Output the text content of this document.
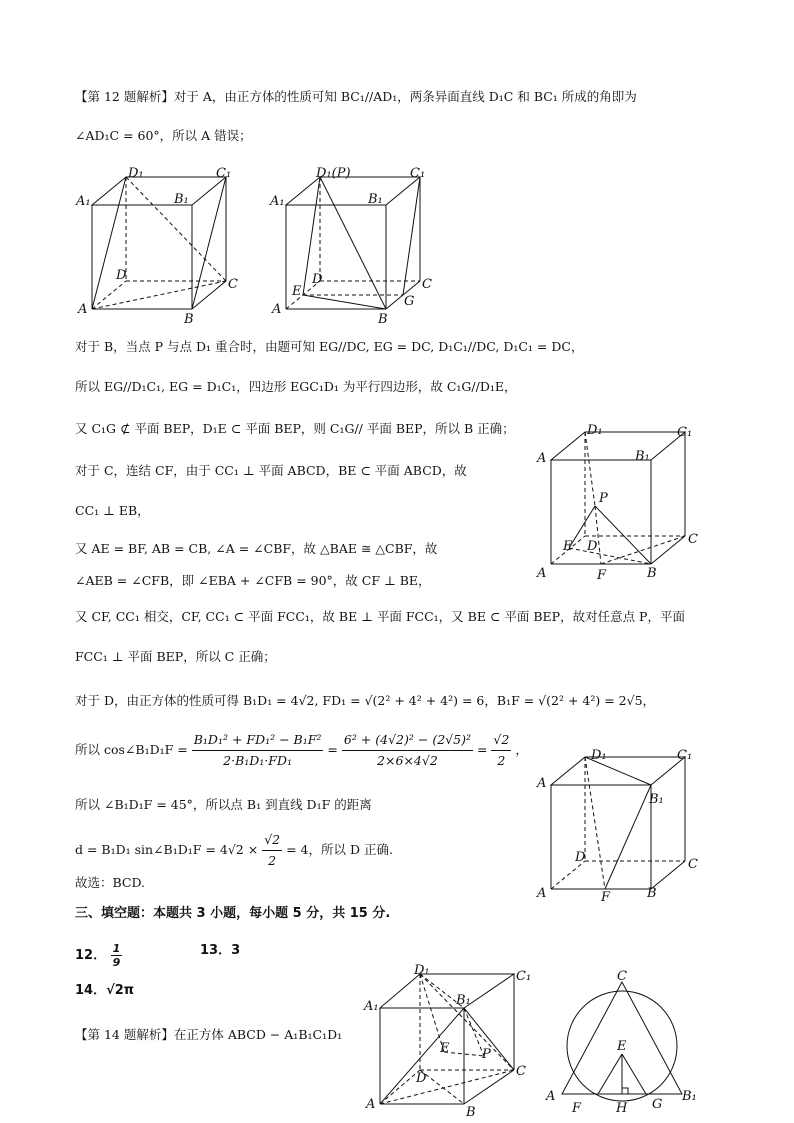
【第 12 题解析】对于 A，由正方体的性质可知 BC₁//AD₁，两条异面直线 D₁C 和 BC₁ 所成的角即为
∠AD₁C = 60°，所以 A 错误；
A₁
D₁	C₁
B₁
D
C
A
B
A₁
D₁(P)	C₁
B₁
D
E	C
G
A
B
对于 B，当点 P 与点 D₁ 重合时，由题可知 EG//DC, EG = DC, D₁C₁//DC, D₁C₁ = DC，
所以 EG//D₁C₁, EG = D₁C₁，四边形 EGC₁D₁ 为平行四边形，故 C₁G//D₁E，
又 C₁G ⊄ 平面 BEP，D₁E ⊂ 平面 BEP，则 C₁G// 平面 BEP，所以 B 正确；
对于 C，连结 CF，由于 CC₁ ⊥ 平面 ABCD，BE ⊂ 平面 ABCD，故
CC₁ ⊥ EB，
又 AE = BF, AB = CB, ∠A = ∠CBF，故 △BAE ≅ △CBF，故
∠AEB = ∠CFB，即 ∠EBA + ∠CFB = 90°，故 CF ⊥ BE，
A
D₁	C₁
B₁
P
E D	C
A	F	B
又 CF, CC₁ 相交，CF, CC₁ ⊂ 平面 FCC₁，故 BE ⊥ 平面 FCC₁，又 BE ⊂ 平面 BEP，故对任意点 P，平面
FCC₁ ⊥ 平面 BEP，所以 C 正确；
对于 D，由正方体的性质可得 B₁D₁ = 4√2, FD₁ = √(2² + 4² + 4²) = 6，B₁F = √(2² + 4²) = 2√5，
所以 cos∠B₁D₁F = $\frac{\text{B₁D₁² + FD₁² − B₁F²}}{\text{2·B₁D₁·FD₁}} = \frac{\text{6² + (4√2)² − (2√5)²}}{2\times 6\times 4√2} = \frac{√2}{2}$ ，
所以 ∠B₁D₁F = 45°，所以点 B₁ 到直线 D₁F 的距离
d = B₁D₁ sin∠B₁D₁F = $4√2 \times \frac{√2}{2} = 4$，所以 D 正确.
A
D₁	C₁
B₁
D	C
A	F	B
故选：BCD.
三、填空题：本题共 3 小题，每小题 5 分，共 15 分.
12． $\frac{1}{9}$	13．3
14．√2π
【第 14 题解析】在正方体 ABCD − A₁B₁C₁D₁
A₁
D₁	C₁
B₁
E	P
D	C
A
B
C
E
A	B₁
F	H G
